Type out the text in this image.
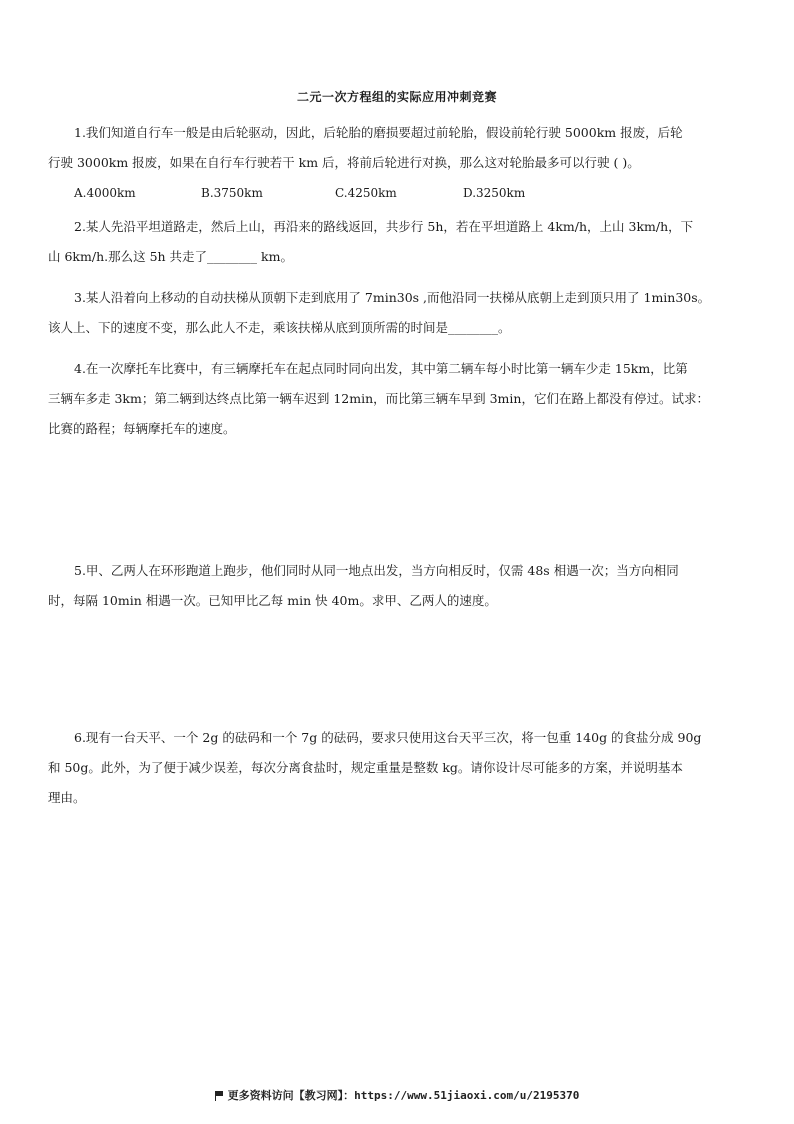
二元一次方程组的实际应用冲刺竞赛
1.我们知道自行车一般是由后轮驱动，因此，后轮胎的磨损要超过前轮胎，假设前轮行驶 5000km 报废，后轮
行驶 3000km 报废，如果在自行车行驶若干 km 后，将前后轮进行对换，那么这对轮胎最多可以行驶 ( )。
A.4000km	B.3750km	C.4250km	D.3250km
2.某人先沿平坦道路走，然后上山，再沿来的路线返回，共步行 5h，若在平坦道路上 4km/h，上山 3km/h，下
山 6km/h.那么这 5h 共走了________ km。
3.某人沿着向上移动的自动扶梯从顶朝下走到底用了 7min30s ,而他沿同一扶梯从底朝上走到顶只用了 1min30s。
该人上、下的速度不变，那么此人不走，乘该扶梯从底到顶所需的时间是________。
4.在一次摩托车比赛中，有三辆摩托车在起点同时同向出发，其中第二辆车每小时比第一辆车少走 15km，比第
三辆车多走 3km；第二辆到达终点比第一辆车迟到 12min，而比第三辆车早到 3min，它们在路上都没有停过。试求：
比赛的路程；每辆摩托车的速度。
5.甲、乙两人在环形跑道上跑步，他们同时从同一地点出发，当方向相反时，仅需 48s 相遇一次；当方向相同
时，每隔 10min 相遇一次。已知甲比乙每 min 快 40m。求甲、乙两人的速度。
6.现有一台天平、一个 2g 的砝码和一个 7g 的砝码，要求只使用这台天平三次，将一包重 140g 的食盐分成 90g
和 50g。此外，为了便于减少误差，每次分离食盐时，规定重量是整数 kg。请你设计尽可能多的方案，并说明基本
理由。
更多资料访问【教习网】：https://www.51jiaoxi.com/u/2195370
